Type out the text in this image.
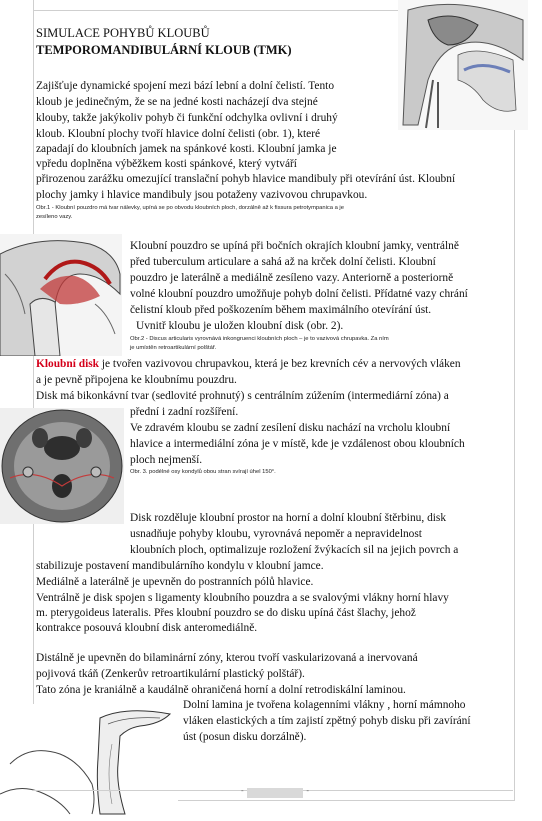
SIMULACE POHYBŮ KLOUBŮ
TEMPOROMANDIBULÁRNÍ KLOUB (TMK)
Zajišťuje dynamické spojení mezi bází lební a dolní čelistí. Tento
kloub je jedinečným, že se na jedné kosti nacházejí dva stejné
klouby, takže jakýkoliv pohyb či funkční odchylka ovlivní i druhý
kloub. Kloubní plochy tvoří hlavice dolní čelisti (obr. 1), které
zapadají do kloubních jamek na spánkové kosti. Kloubní jamka je
vpředu doplněna výběžkem kosti spánkové, který vytváří
přirozenou zarážku omezující translační pohyb hlavice mandibuly při otevírání úst. Kloubní
plochy jamky i hlavice mandibuly jsou potaženy vazivovou chrupavkou.
Obr.1 - Kloubní pouzdro má tvar nálevky, upíná se po obvodu kloubních ploch, dorzálně až k fissura petrotympanica a je
zesíleno vazy.
Kloubní pouzdro se upíná při bočních okrajích kloubní jamky, ventrálně
před tuberculum articulare a sahá až na krček dolní čelisti. Kloubní
pouzdro je laterálně a mediálně zesíleno vazy. Anteriorně a posteriorně
volné kloubní pouzdro umožňuje pohyb dolní čelisti. Přídatné vazy chrání
čelistní kloub před poškozením během maximálního otevírání úst.
Uvnitř kloubu je uložen kloubní disk (obr. 2).
Obr.2 - Discus articularis vyrovnává inkongruenci kloubních ploch – je to vazivová chrupavka. Za ním
je umístěn retroartikulární polštář.
Kloubní disk je tvořen vazivovou chrupavkou, která je bez krevních cév a nervových vláken
a je pevně připojena ke kloubnímu pouzdru.
Disk má bikonkávní tvar (sedlovité prohnutý) s centrálním zúžením (intermediární zóna) a
přední i zadní rozšíření.
Ve zdravém kloubu se zadní zesílení disku nachází na vrcholu kloubní
hlavice a intermediální zóna je v místě, kde je vzdálenost obou kloubních
ploch nejmenší.
Obr. 3. podélné osy kondylů obou stran svírají úhel 150°.
Disk rozděluje kloubní prostor na horní a dolní kloubní štěrbinu, disk
usnadňuje pohyby kloubu, vyrovnává nepoměr a nepravidelnost
kloubních ploch, optimalizuje rozložení žvýkacích sil na jejich povrch a
stabilizuje postavení mandibulárního kondylu v kloubní jamce.
Mediálně a laterálně je upevněn do postranních pólů hlavice.
Ventrálně je disk spojen s ligamenty kloubního pouzdra a se svalovými vlákny horní hlavy
m. pterygoideus lateralis. Přes kloubní pouzdro se do disku upíná část šlachy, jehož
kontrakce posouvá kloubní disk anteromediálně.
Distálně je upevněn do bilaminární zóny, kterou tvoří vaskularizovaná a inervovaná
pojivová tkáň (Zenkerův retroartikulární plastický polštář).
Tato zóna je kraniálně a kaudálně ohraničená horní a dolní retrodiskální laminou.
Dolní lamina je tvořena kolagenními vlákny , horní mámnoho
vláken elastických a tím zajistí zpětný pohyb disku při zavírání
úst (posun disku dorzálně).
-	-
